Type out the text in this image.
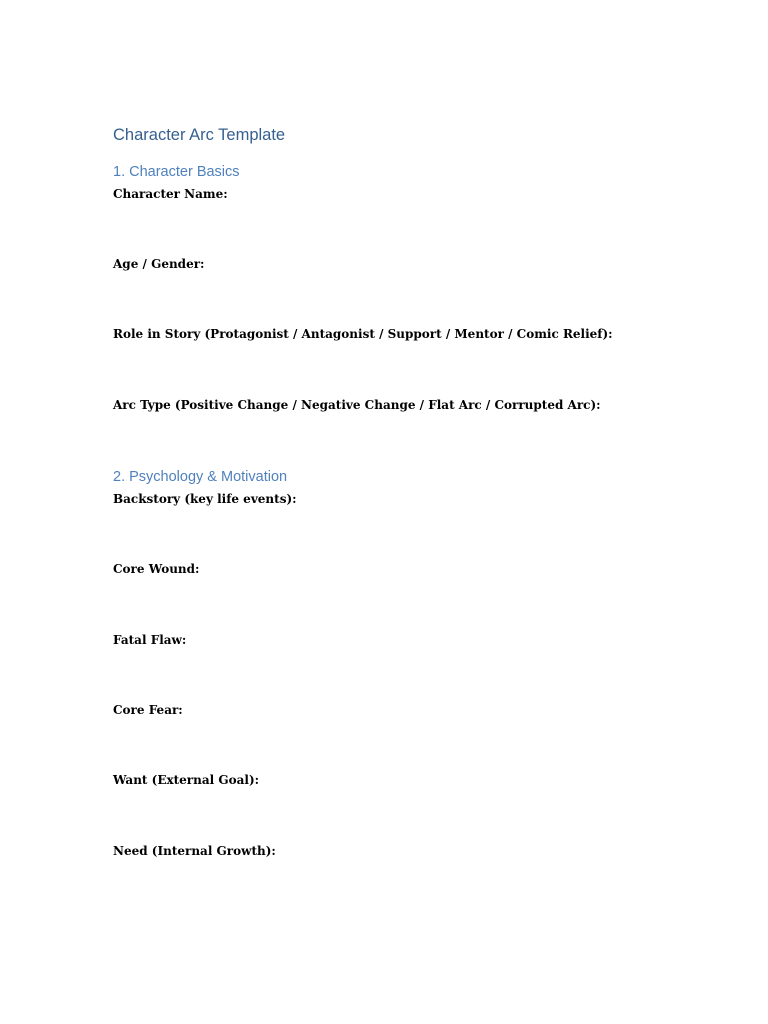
Character Arc Template
1. Character Basics

Character Name:

Age / Gender:

Role in Story (Protagonist / Antagonist / Support / Mentor / Comic Relief):

Arc Type (Positive Change / Negative Change / Flat Arc / Corrupted Arc):

2. Psychology & Motivation

Backstory (key life events):

Core Wound:

Fatal Flaw:

Core Fear:

Want (External Goal):

Need (Internal Growth):
